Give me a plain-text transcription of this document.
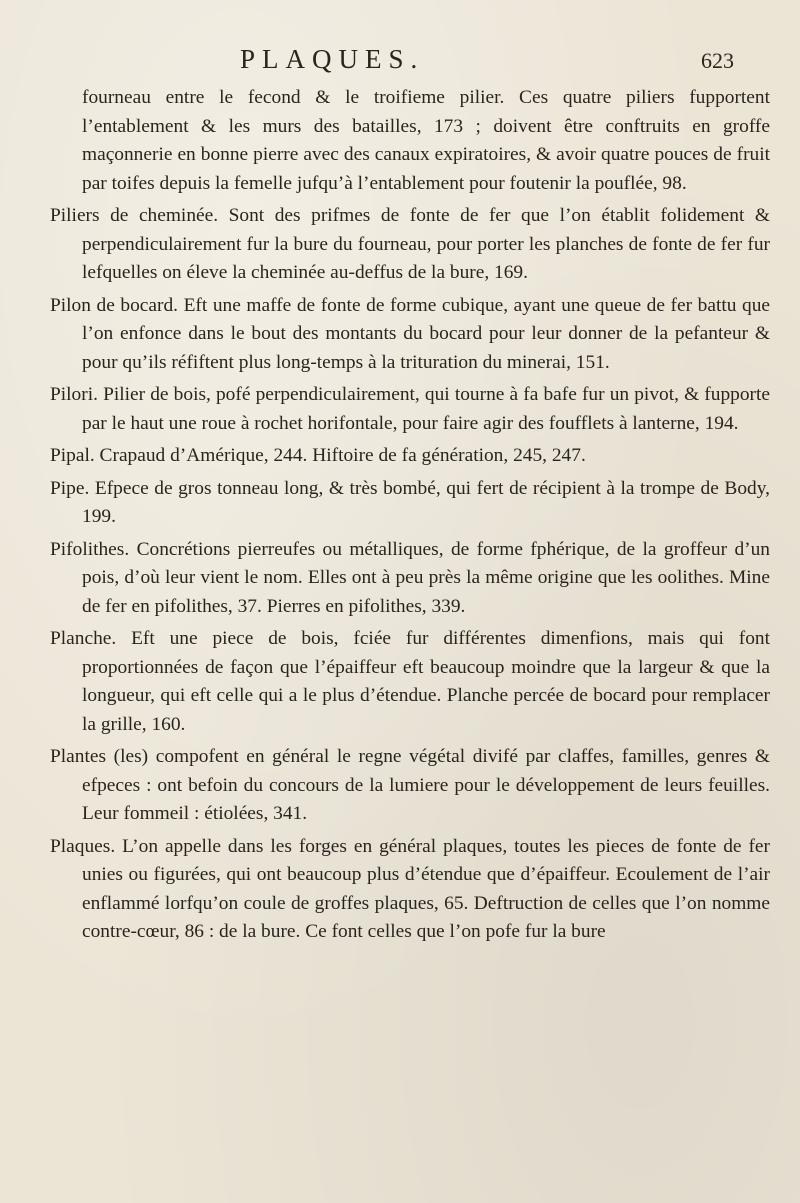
PLAQUES.	623

fourneau entre le fecond & le troifieme pilier. Ces quatre piliers fupportent l’entablement & les murs des batailles, 173 ; doivent être conftruits en groffe maçonnerie en bonne pierre avec des canaux expiratoires, & avoir quatre pouces de fruit par toifes depuis la femelle jufqu’à l’entablement pour foutenir la pouflée, 98.

Piliers de cheminée. Sont des prifmes de fonte de fer que l’on établit folidement & perpendiculairement fur la bure du fourneau, pour porter les planches de fonte de fer fur lefquelles on éleve la cheminée au-deffus de la bure, 169.

Pilon de bocard. Eft une maffe de fonte de forme cubique, ayant une queue de fer battu que l’on enfonce dans le bout des montants du bocard pour leur donner de la pefanteur & pour qu’ils réfiftent plus long-temps à la trituration du minerai, 151.

Pilori. Pilier de bois, pofé perpendiculairement, qui tourne à fa bafe fur un pivot, & fupporte par le haut une roue à rochet horifontale, pour faire agir des foufflets à lanterne, 194.

Pipal. Crapaud d’Amérique, 244. Hiftoire de fa génération, 245, 247.

Pipe. Efpece de gros tonneau long, & très bombé, qui fert de récipient à la trompe de Body, 199.

Pifolithes. Concrétions pierreufes ou métalliques, de forme fphérique, de la groffeur d’un pois, d’où leur vient le nom. Elles ont à peu près la même origine que les oolithes. Mine de fer en pifolithes, 37. Pierres en pifolithes, 339.

Planche. Eft une piece de bois, fciée fur différentes dimenfions, mais qui font proportionnées de façon que l’épaiffeur eft beaucoup moindre que la largeur & que la longueur, qui eft celle qui a le plus d’étendue. Planche percée de bocard pour remplacer la grille, 160.

Plantes (les) compofent en général le regne végétal divifé par claffes, familles, genres & efpeces : ont befoin du concours de la lumiere pour le développement de leurs feuilles. Leur fommeil : étiolées, 341.

Plaques. L’on appelle dans les forges en général plaques, toutes les pieces de fonte de fer unies ou figurées, qui ont beaucoup plus d’étendue que d’épaiffeur. Ecoulement de l’air enflammé lorfqu’on coule de groffes plaques, 65. Deftruction de celles que l’on nomme contre-cœur, 86 : de la bure. Ce font celles que l’on pofe fur la bure
